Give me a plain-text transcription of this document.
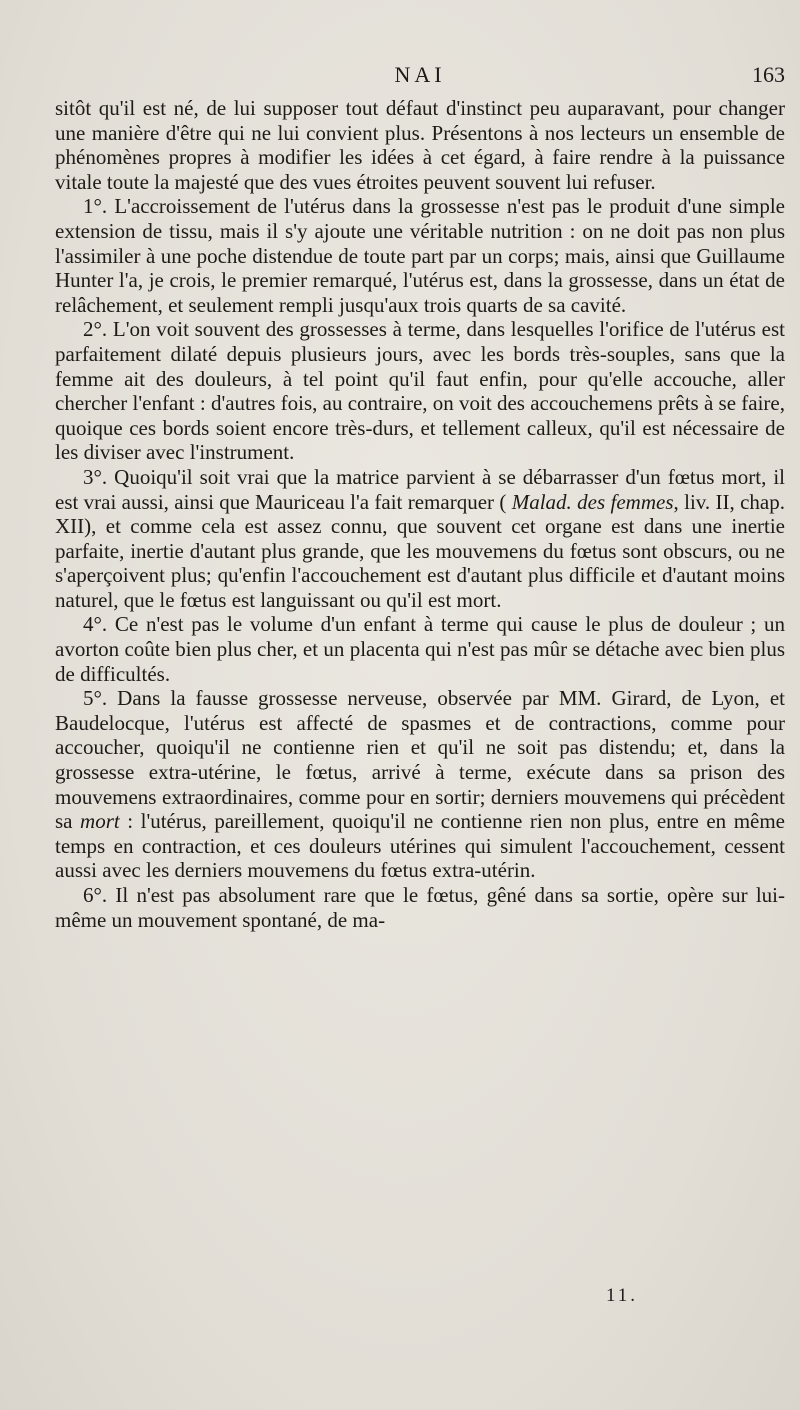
NAI	163

sitôt qu'il est né, de lui supposer tout défaut d'instinct peu auparavant, pour changer une manière d'être qui ne lui convient plus. Présentons à nos lecteurs un ensemble de phénomènes propres à modifier les idées à cet égard, à faire rendre à la puissance vitale toute la majesté que des vues étroites peuvent souvent lui refuser.

1°. L'accroissement de l'utérus dans la grossesse n'est pas le produit d'une simple extension de tissu, mais il s'y ajoute une véritable nutrition : on ne doit pas non plus l'assimiler à une poche distendue de toute part par un corps; mais, ainsi que Guillaume Hunter l'a, je crois, le premier remarqué, l'utérus est, dans la grossesse, dans un état de relâchement, et seulement rempli jusqu'aux trois quarts de sa cavité.

2°. L'on voit souvent des grossesses à terme, dans lesquelles l'orifice de l'utérus est parfaitement dilaté depuis plusieurs jours, avec les bords très-souples, sans que la femme ait des douleurs, à tel point qu'il faut enfin, pour qu'elle accouche, aller chercher l'enfant : d'autres fois, au contraire, on voit des accouchemens prêts à se faire, quoique ces bords soient encore très-durs, et tellement calleux, qu'il est nécessaire de les diviser avec l'instrument.

3°. Quoiqu'il soit vrai que la matrice parvient à se débarrasser d'un fœtus mort, il est vrai aussi, ainsi que Mauriceau l'a fait remarquer ( Malad. des femmes, liv. II, chap. XII), et comme cela est assez connu, que souvent cet organe est dans une inertie parfaite, inertie d'autant plus grande, que les mouvemens du fœtus sont obscurs, ou ne s'aperçoivent plus; qu'enfin l'accouchement est d'autant plus difficile et d'autant moins naturel, que le fœtus est languissant ou qu'il est mort.

4°. Ce n'est pas le volume d'un enfant à terme qui cause le plus de douleur ; un avorton coûte bien plus cher, et un placenta qui n'est pas mûr se détache avec bien plus de difficultés.

5°. Dans la fausse grossesse nerveuse, observée par MM. Girard, de Lyon, et Baudelocque, l'utérus est affecté de spasmes et de contractions, comme pour accoucher, quoiqu'il ne contienne rien et qu'il ne soit pas distendu; et, dans la grossesse extra-utérine, le fœtus, arrivé à terme, exécute dans sa prison des mouvemens extraordinaires, comme pour en sortir; derniers mouvemens qui précèdent sa mort : l'utérus, pareillement, quoiqu'il ne contienne rien non plus, entre en même temps en contraction, et ces douleurs utérines qui simulent l'accouchement, cessent aussi avec les derniers mouvemens du fœtus extra-utérin.

6°. Il n'est pas absolument rare que le fœtus, gêné dans sa sortie, opère sur lui-même un mouvement spontané, de ma-

11.
